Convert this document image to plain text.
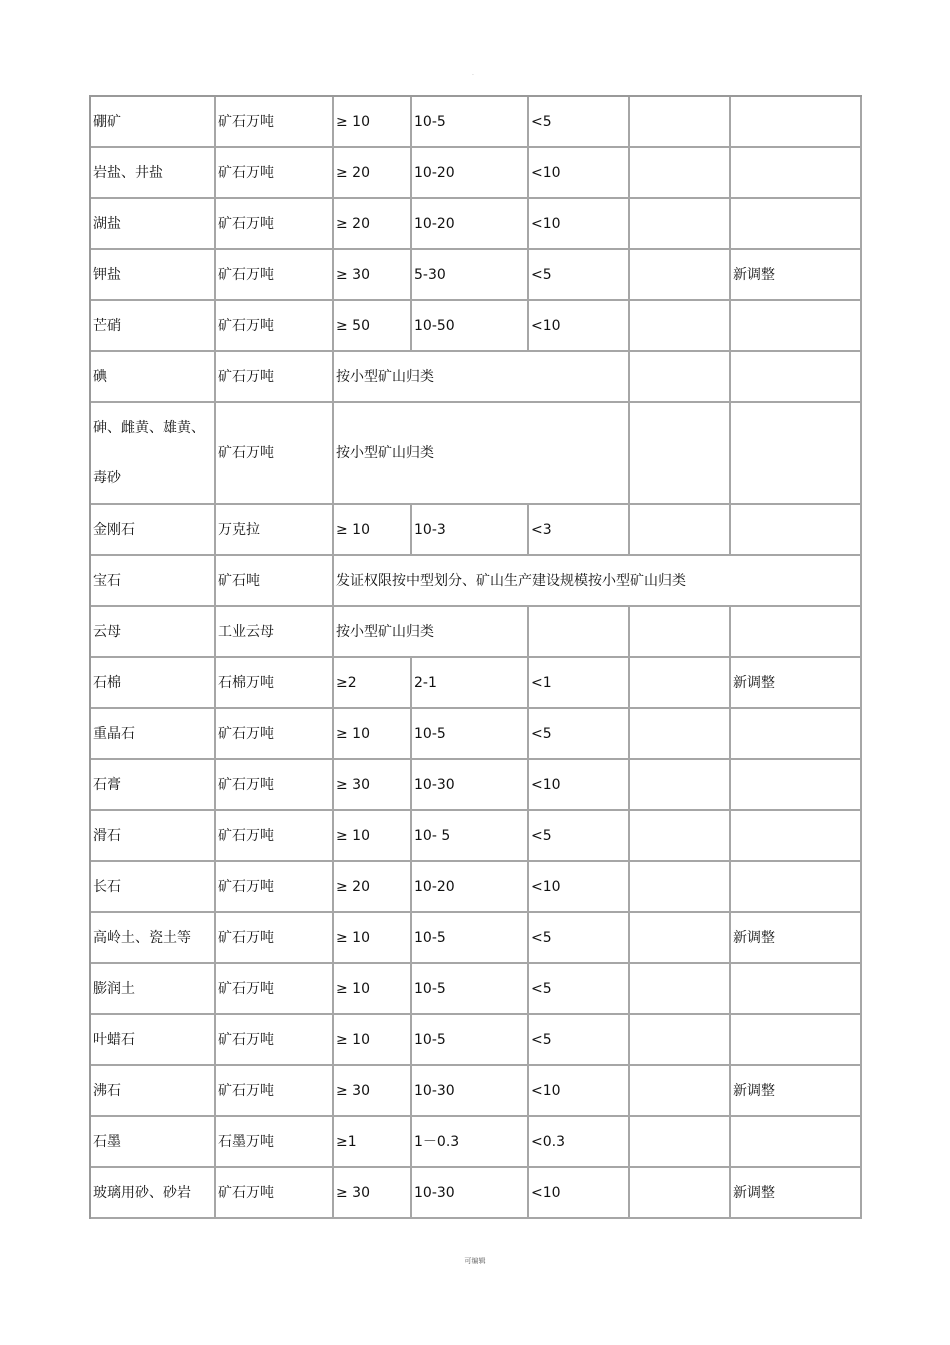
.
硼矿	矿石万吨	≥ 10	10-5	<5		
岩盐、井盐	矿石万吨	≥ 20	10-20	<10		
湖盐	矿石万吨	≥ 20	10-20	<10		
钾盐	矿石万吨	≥ 30	5-30	<5		新调整
芒硝	矿石万吨	≥ 50	10-50	<10		
碘	矿石万吨	按小型矿山归类				
砷、雌黄、雄黄、毒砂	矿石万吨	按小型矿山归类				
金刚石	万克拉	≥ 10	10-3	<3		
宝石	矿石吨	发证权限按中型划分、矿山生产建设规模按小型矿山归类				
云母	工业云母	按小型矿山归类				
石棉	石棉万吨	≥2	2-1	<1		新调整
重晶石	矿石万吨	≥ 10	10-5	<5		
石膏	矿石万吨	≥ 30	10-30	<10		
滑石	矿石万吨	≥ 10	10- 5	<5		
长石	矿石万吨	≥ 20	10-20	<10		
高岭土、瓷土等	矿石万吨	≥ 10	10-5	<5		新调整
膨润土	矿石万吨	≥ 10	10-5	<5		
叶蜡石	矿石万吨	≥ 10	10-5	<5		
沸石	矿石万吨	≥ 30	10-30	<10		新调整
石墨	石墨万吨	≥1	1－0.3	<0.3		
玻璃用砂、砂岩	矿石万吨	≥ 30	10-30	<10		新调整
可编辑
